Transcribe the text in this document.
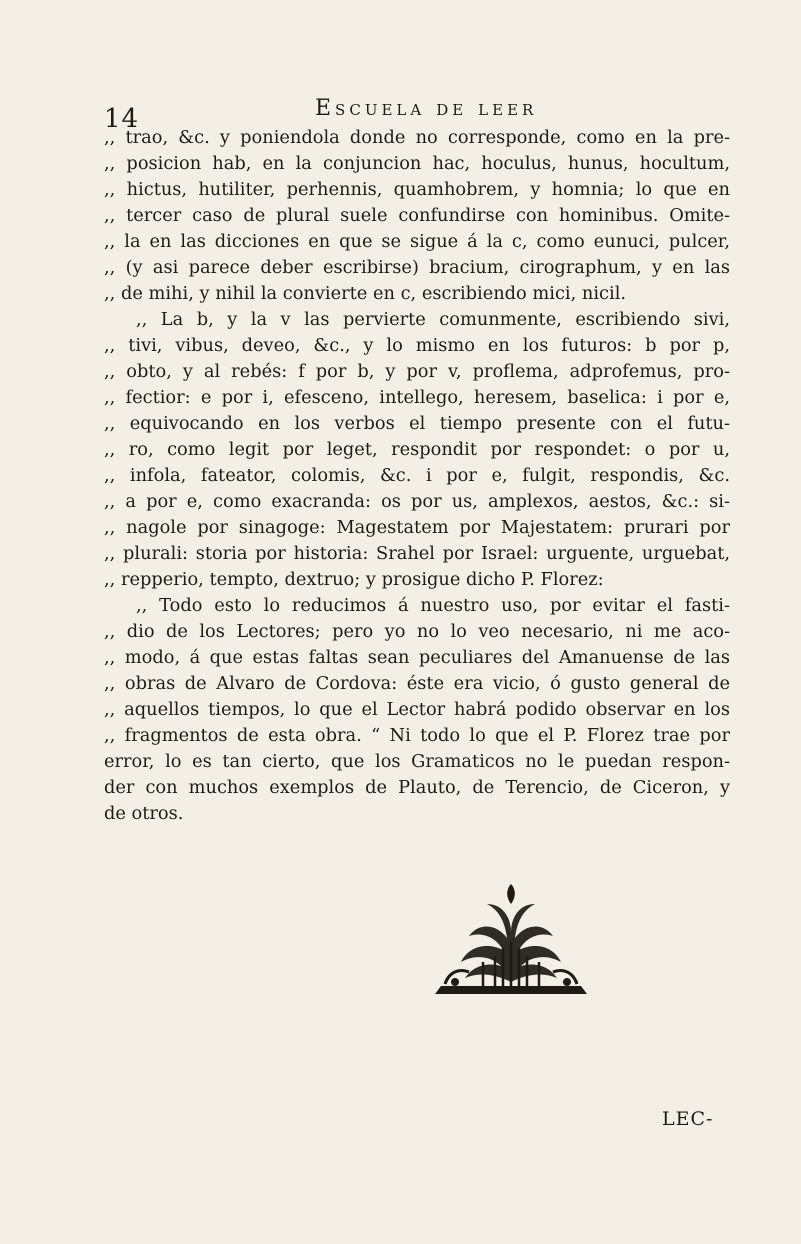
14	Escuela de leer
,, trao, &c. y poniendola donde no corresponde, como en la pre-
,, posicion hab, en la conjuncion hac, hoculus, hunus, hocultum,
,, hictus, hutiliter, perhennis, quamhobrem, y homnia; lo que en
,, tercer caso de plural suele confundirse con hominibus. Omite-
,, la en las dicciones en que se sigue á la c, como eunuci, pulcer,
,, (y asi parece deber escribirse) bracium, cirographum, y en las
,, de mihi, y nihil la convierte en c, escribiendo mici, nicil.
,, La b, y la v las pervierte comunmente, escribiendo sivi,
,, tivi, vibus, deveo, &c., y lo mismo en los futuros: b por p,
,, obto, y al rebés: f por b, y por v, proflema, adprofemus, pro-
,, fectior: e por i, efesceno, intellego, heresem, baselica: i por e,
,, equivocando en los verbos el tiempo presente con el futu-
,, ro, como legit por leget, respondit por respondet: o por u,
,, infola, fateator, colomis, &c. i por e, fulgit, respondis, &c.
,, a por e, como exacranda: os por us, amplexos, aestos, &c.: si-
,, nagole por sinagoge: Magestatem por Majestatem: prurari por
,, plurali: storia por historia: Srahel por Israel: urguente, urguebat,
,, repperio, tempto, dextruo; y prosigue dicho P. Florez:
,, Todo esto lo reducimos á nuestro uso, por evitar el fasti-
,, dio de los Lectores; pero yo no lo veo necesario, ni me aco-
,, modo, á que estas faltas sean peculiares del Amanuense de las
,, obras de Alvaro de Cordova: éste era vicio, ó gusto general de
,, aquellos tiempos, lo que el Lector habrá podido observar en los
,, fragmentos de esta obra. “ Ni todo lo que el P. Florez trae por
error, lo es tan cierto, que los Gramaticos no le puedan respon-
der con muchos exemplos de Plauto, de Terencio, de Ciceron, y
de otros.
LEC-
